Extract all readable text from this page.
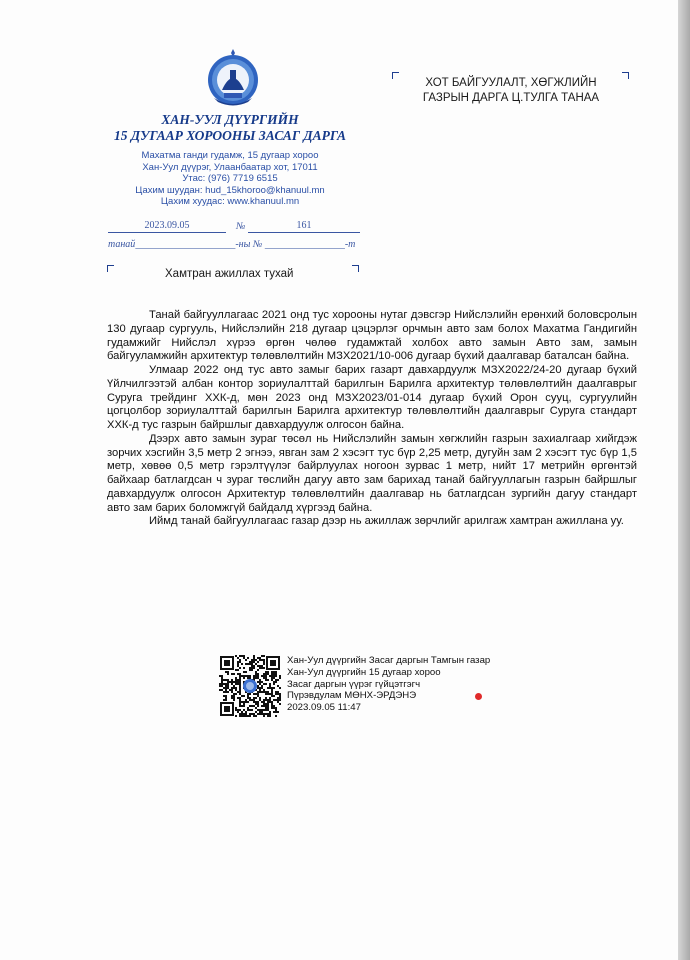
ХАН-УУЛ ДҮҮРГИЙН
15 ДУГААР ХОРООНЫ ЗАСАГ ДАРГА
Махатма ганди гудамж, 15 дугаар хороо
Хан-Уул дүүрэг, Улаанбаатар хот, 17011
Утас: (976) 7719 6515
Цахим шуудан: hud_15khoroo@khanuul.mn
Цахим хуудас: www.khanuul.mn
2023.09.05	№	161
танай____________________-ны № ________________-т
ХОТ БАЙГУУЛАЛТ, ХӨГЖЛИЙН
ГАЗРЫН ДАРГА Ц.ТУЛГА ТАНАА
Хамтран ажиллах тухай

Танай байгууллагаас 2021 онд тус хорооны нутаг дэвсгэр Нийслэлийн ерөнхий боловсролын 130 дугаар сургууль, Нийслэлийн 218 дугаар цэцэрлэг орчмын авто зам болох Махатма Гандигийн гудамжийг Нийслэл хүрээ өргөн чөлөө гудамжтай холбох авто замын Авто зам, замын байгууламжийн архитектур төлөвлөлтийн МЗХ2021/10-006 дугаар бүхий даалгавар баталсан байна.

Улмаар 2022 онд тус авто замыг барих газарт давхардуулж МЗХ2022/24-20 дугаар бүхий Үйлчилгээтэй албан контор зориулалттай барилгын Барилга архитектур төлөвлөлтийн даалгаврыг Суруга трейдинг ХХК-д, мөн 2023 онд МЗХ2023/01-014 дугаар бүхий Орон сууц, сургуулийн цогцолбор зориулалттай барилгын Барилга архитектур төлөвлөлтийн даалгаврыг Суруга стандарт ХХК-д тус газрын байршлыг давхардуулж олгосон байна.

Дээрх авто замын зураг төсөл нь Нийслэлийн замын хөгжлийн газрын захиалгаар хийгдэж зорчих хэсгийн 3,5 метр 2 эгнээ, явган зам 2 хэсэгт тус бүр 2,25 метр, дугуйн зам 2 хэсэгт тус бүр 1,5 метр, хөвөө 0,5 метр гэрэлтүүлэг байрлуулах ногоон зурвас 1 метр, нийт 17 метрийн өргөнтэй байхаар батлагдсан ч зураг төслийн дагуу авто зам барихад танай байгууллагын газрын байршлыг давхардуулж олгосон Архитектур төлөвлөлтийн даалгавар нь батлагдсан зургийн дагуу стандарт авто зам барих боломжгүй байдалд хүргээд байна.

Иймд танай байгууллагаас газар дээр нь ажиллаж зөрчлийг арилгаж хамтран ажиллана уу.

Хан-Уул дүүргийн Засаг даргын Тамгын газар
Хан-Уул дүүргийн 15 дугаар хороо
Засаг даргын үүрэг гүйцэтгэгч
Пүрэвдулам МӨНХ-ЭРДЭНЭ
2023.09.05 11:47
